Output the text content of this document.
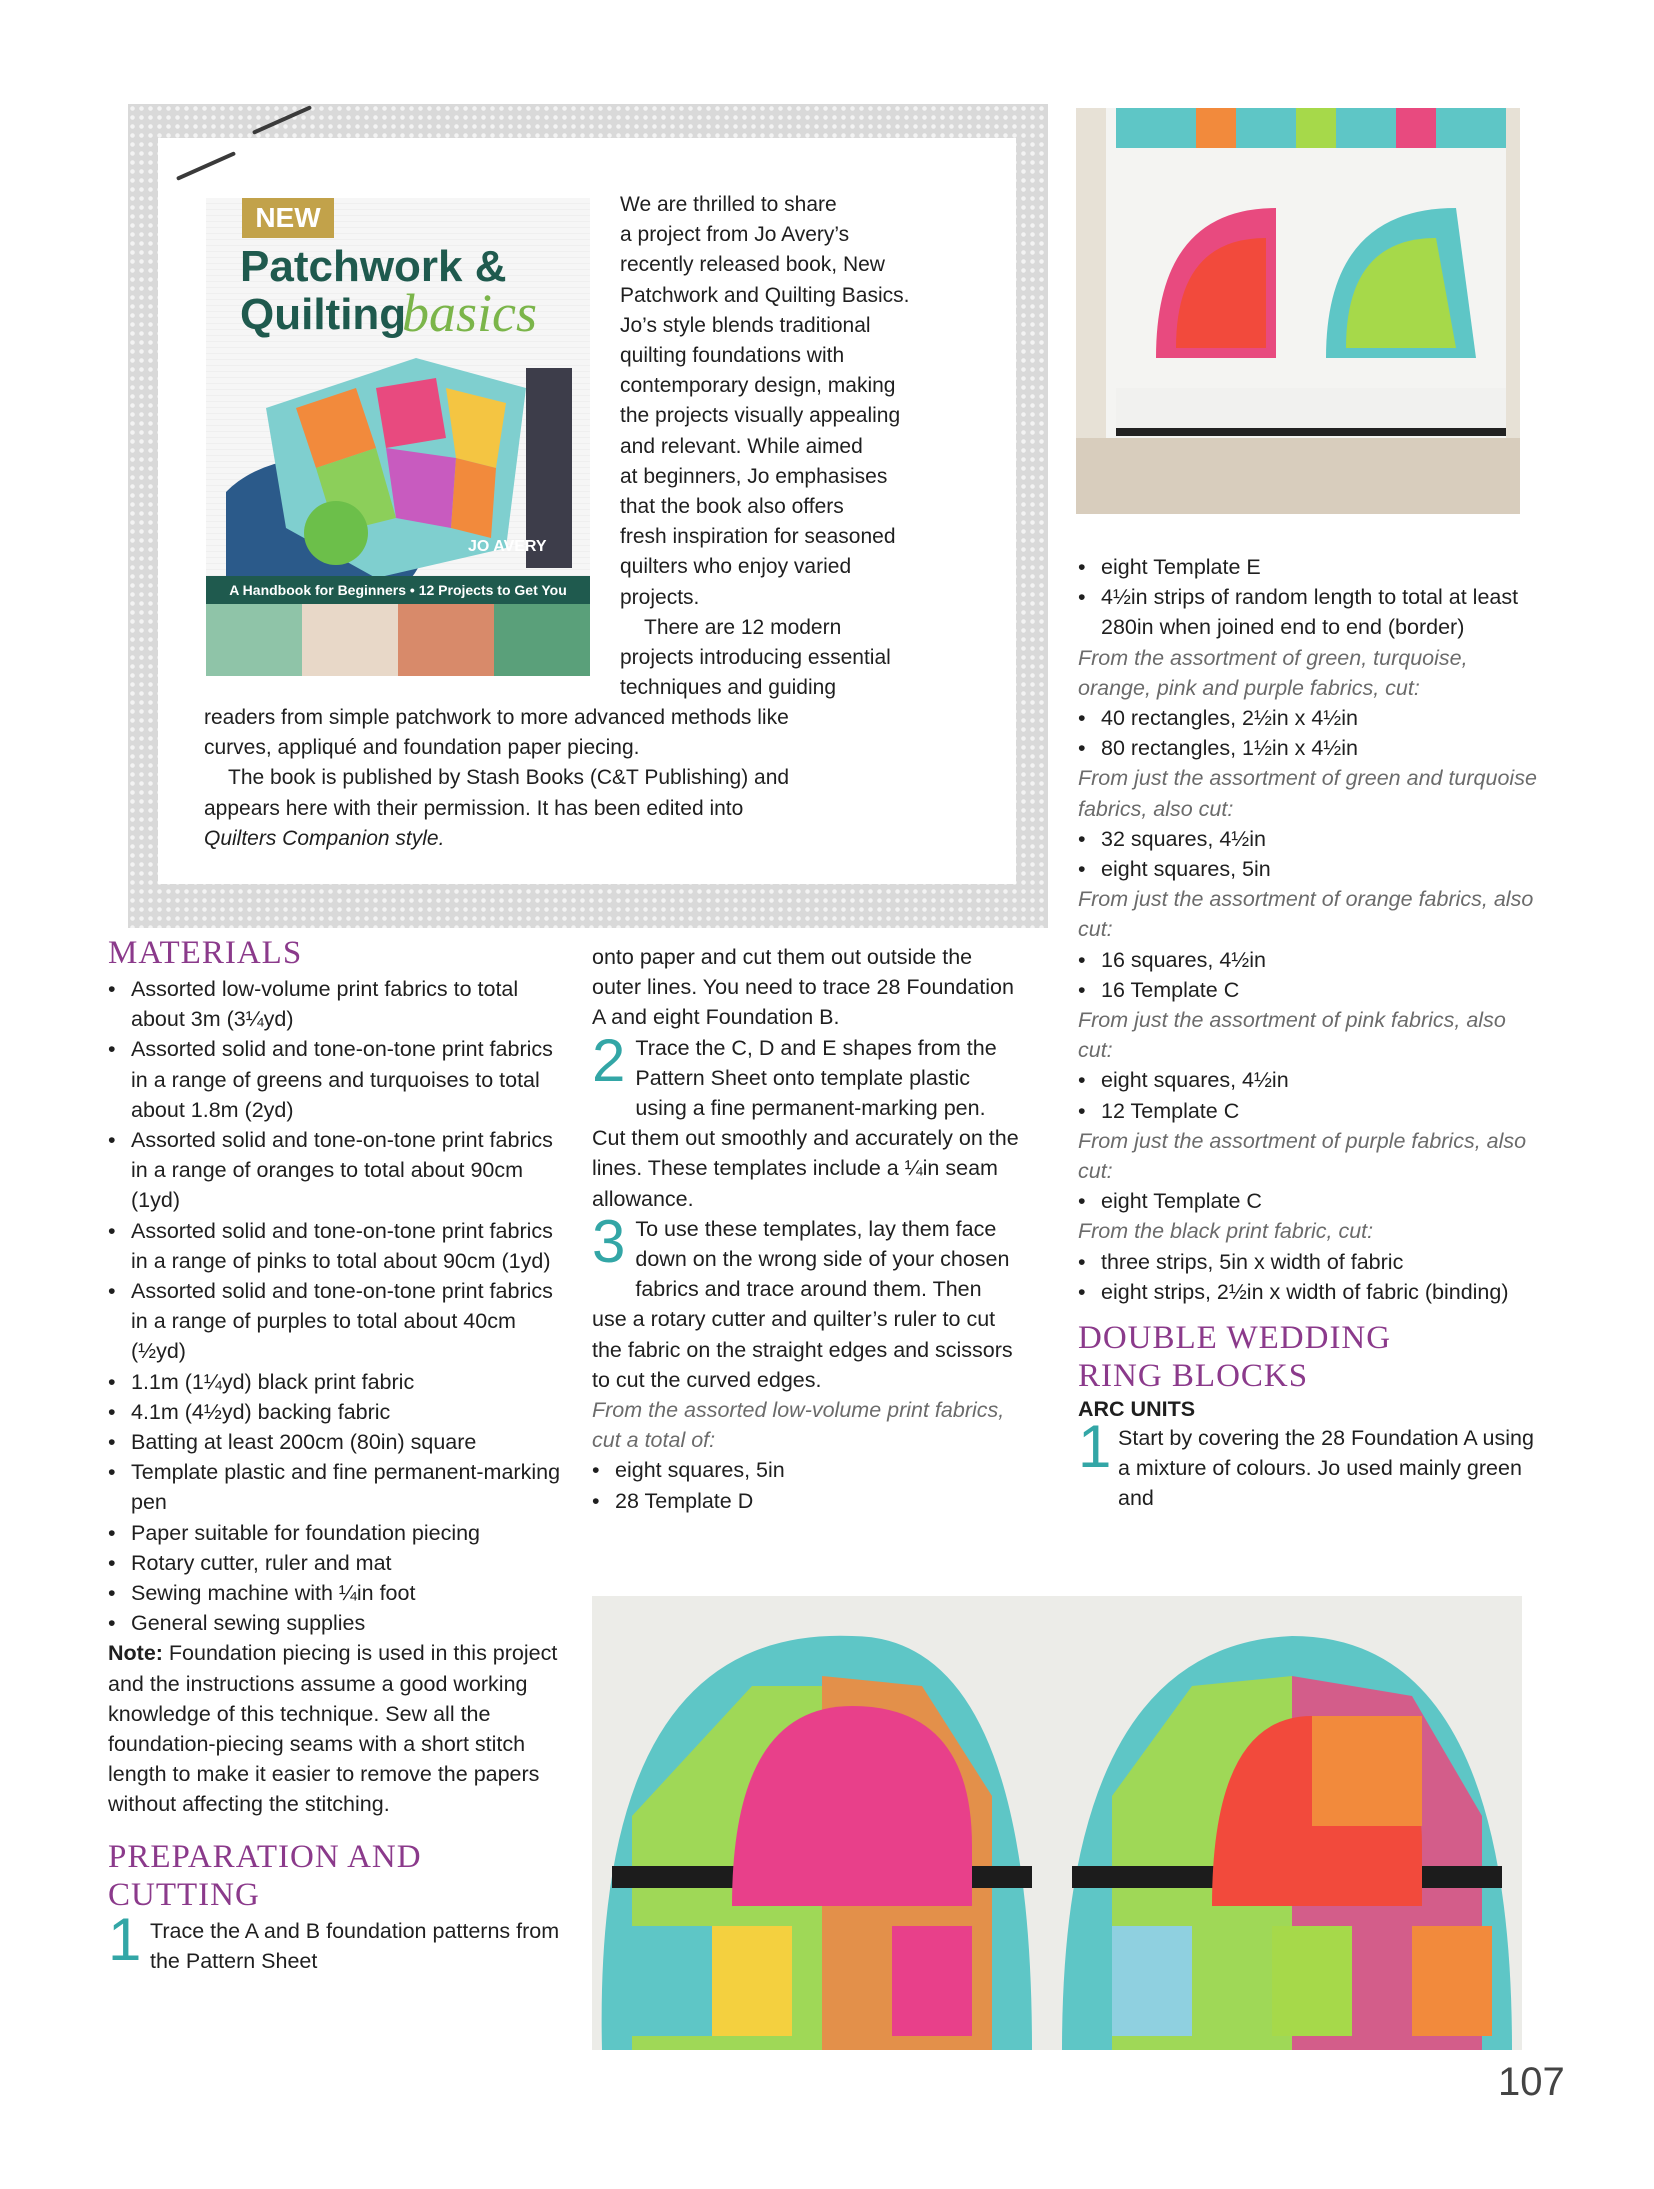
NEW
Patchwork &
Quilting
basics
JO AVERY
A Handbook for Beginners • 12 Projects to Get You
We are thrilled to share
a project from Jo Avery’s
recently released book, New
Patchwork and Quilting Basics.
Jo’s style blends traditional
quilting foundations with
contemporary design, making
the projects visually appealing
and relevant. While aimed
at beginners, Jo emphasises
that the book also offers
fresh inspiration for seasoned
quilters who enjoy varied
projects.
There are 12 modern
projects introducing essential
techniques and guiding
readers from simple patchwork to more advanced methods like
curves, appliqué and foundation paper piecing.
The book is published by Stash Books (C&T Publishing) and
appears here with their permission. It has been edited into
Quilters Companion style.
MATERIALS
• Assorted low-volume print fabrics to total about 3m (3¼yd)
• Assorted solid and tone-on-tone print fabrics in a range of greens and turquoises to total about 1.8m (2yd)
• Assorted solid and tone-on-tone print fabrics in a range of oranges to total about 90cm (1yd)
• Assorted solid and tone-on-tone print fabrics in a range of pinks to total about 90cm (1yd)
• Assorted solid and tone-on-tone print fabrics in a range of purples to total about 40cm (½yd)
• 1.1m (1¼yd) black print fabric
• 4.1m (4½yd) backing fabric
• Batting at least 200cm (80in) square
• Template plastic and fine permanent-marking pen
• Paper suitable for foundation piecing
• Rotary cutter, ruler and mat
• Sewing machine with ¼in foot
• General sewing supplies
Note: Foundation piecing is used in this project and the instructions assume a good working knowledge of this technique. Sew all the foundation-piecing seams with a short stitch length to make it easier to remove the papers without affecting the stitching.
PREPARATION AND
CUTTING
1 Trace the A and B foundation patterns from the Pattern Sheet
onto paper and cut them out outside the outer lines. You need to trace 28 Foundation A and eight Foundation B.
2 Trace the C, D and E shapes from the Pattern Sheet onto template plastic using a fine permanent-marking pen. Cut them out smoothly and accurately on the lines. These templates include a ¼in seam allowance.
3 To use these templates, lay them face down on the wrong side of your chosen fabrics and trace around them. Then use a rotary cutter and quilter’s ruler to cut the fabric on the straight edges and scissors to cut the curved edges.
From the assorted low-volume print fabrics, cut a total of:
• eight squares, 5in
• 28 Template D
• eight Template E
• 4½in strips of random length to total at least 280in when joined end to end (border)
From the assortment of green, turquoise, orange, pink and purple fabrics, cut:
• 40 rectangles, 2½in x 4½in
• 80 rectangles, 1½in x 4½in
From just the assortment of green and turquoise fabrics, also cut:
• 32 squares, 4½in
• eight squares, 5in
From just the assortment of orange fabrics, also cut:
• 16 squares, 4½in
• 16 Template C
From just the assortment of pink fabrics, also cut:
• eight squares, 4½in
• 12 Template C
From just the assortment of purple fabrics, also cut:
• eight Template C
From the black print fabric, cut:
• three strips, 5in x width of fabric
• eight strips, 2½in x width of fabric (binding)
DOUBLE WEDDING
RING BLOCKS
ARC UNITS
1 Start by covering the 28 Foundation A using a mixture of colours. Jo used mainly green and
107
